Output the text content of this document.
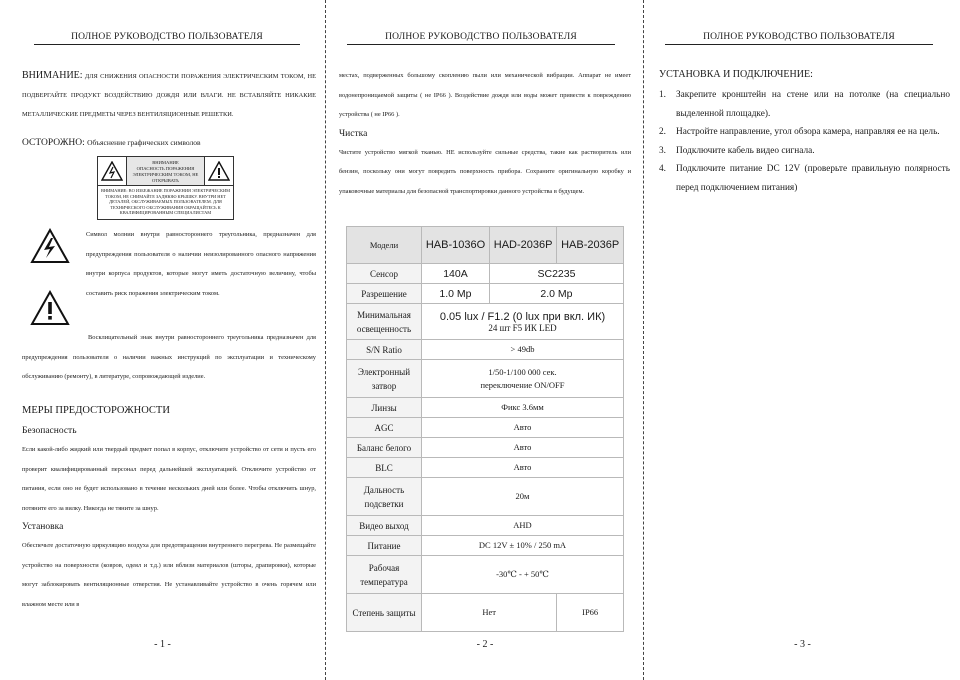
ПОЛНОЕ РУКОВОДСТВО ПОЛЬЗОВАТЕЛЯ

ВНИМАНИЕ: ДЛЯ СНИЖЕНИЯ ОПАСНОСТИ ПОРАЖЕНИЯ ЭЛЕКТРИЧЕСКИМ ТОКОМ, НЕ ПОДВЕРГАЙТЕ ПРОДУКТ ВОЗДЕЙСТВИЮ ДОЖДЯ ИЛИ ВЛАГИ. НЕ ВСТАВЛЯЙТЕ НИКАКИЕ МЕТАЛЛИЧЕСКИЕ ПРЕДМЕТЫ ЧЕРЕЗ ВЕНТИЛЯЦИОННЫЕ РЕШЕТКИ.

ОСТОРОЖНО: Объяснение графических символов
ВНИМАНИЕ
ОПАСНОСТЬ ПОРАЖЕНИЯ ЭЛЕКТРИЧЕСКИМ ТОКОМ, НЕ ОТКРЫВАТЬ
ВНИМАНИЕ: ВО ИЗБЕЖАНИЕ ПОРАЖЕНИЯ ЭЛЕКТРИЧЕСКИМ ТОКОМ, НЕ СНИМАЙТЕ ЗАДНЮЮ КРЫШКУ. ВНУТРИ НЕТ ДЕТАЛЕЙ, ОБСЛУЖИВАЕМЫХ ПОЛЬЗОВАТЕЛЕМ. ДЛЯ ТЕХНИЧЕСКОГО ОБСЛУЖИВАНИЯ ОБРАЩАЙТЕСЬ К КВАЛИФИЦИРОВАННЫМ СПЕЦИАЛИСТАМ
Символ молнии внутри равностороннего треугольника, предназначен для предупреждения пользователя о наличии неизолированного опасного напряжения внутри корпуса продуктов, которые могут иметь достаточную величину, чтобы составить риск поражения электрическим током.

Восклицательный знак внутри равностороннего треугольника предназначен для предупреждения пользователя о наличии важных инструкций по эксплуатации и техническому обслуживанию (ремонту), в литературе, сопровождающей изделие.

МЕРЫ ПРЕДОСТОРОЖНОСТИ

Безопасность

Если какой-либо жидкий или твердый предмет попал в корпус, отключите устройство от сети и пусть его проверит квалифицированный персонал перед дальнейшей эксплуатацией. Отключите устройство от питания, если оно не будет использовано в течение нескольких дней или более. Чтобы отключить шнур, потяните его за вилку. Никогда не тяните за шнур.

Установка

Обеспечьте достаточную циркуляцию воздуха для предотвращения внутреннего перегрева. Не размещайте устройство на поверхности (ковров, одеял и т.д.) или вблизи материалов (шторы, драпировки), которые могут заблокировать вентиляционные отверстия. Не устанавливайте устройство в очень горячем или влажном месте или в

- 1 -
ПОЛНОЕ РУКОВОДСТВО ПОЛЬЗОВАТЕЛЯ

местах, подверженных большому скоплению пыли или механической вибрации. Аппарат не имеет водонепроницаемой защиты ( не IP66 ). Воздействие дождя или воды может привести к повреждению устройства ( не IP66 ).

Чистка

Чистите устройство мягкой тканью. НЕ используйте сильные средства, такие как растворитель или бензин, поскольку они могут повредить поверхность прибора. Сохраните оригинальную коробку и упаковочные материалы для безопасной транспортировки данного устройства в будущем.

Модели	HAB-1036O	HAD-2036P	HAB-2036P
Сенсор	140A	SC2235	
Разрешение	1.0 Mp	2.0 Mp	
Минимальная освещенность	0.05 lux / F1.2 (0 lux при вкл. ИК)
24 шт F5 ИК LED		

S/N Ratio	> 49db		
Электронный затвор	1/50-1/100 000 сек.
переключение ON/OFF		

Линзы	Фикс 3.6мм		
AGC	Авто		
Баланс белого	Авто		
BLC	Авто		
Дальность подсветки	20м		
Видео выход	AHD		
Питание	DC 12V ± 10% / 250 mA		
Рабочая температура	-30℃ - + 50℃		
Степень защиты	Нет		IP66
- 2 -
ПОЛНОЕ РУКОВОДСТВО ПОЛЬЗОВАТЕЛЯ

УСТАНОВКА И ПОДКЛЮЧЕНИЕ:

1.	Закрепите кронштейн на стене или на потолке (на специально выделенной площадке).
2.	Настройте направление, угол обзора камера, направляя ее на цель.
3.	Подключите кабель видео сигнала.
4.	Подключите питание DC 12V (проверьте правильную полярность перед подключением питания)
- 3 -
